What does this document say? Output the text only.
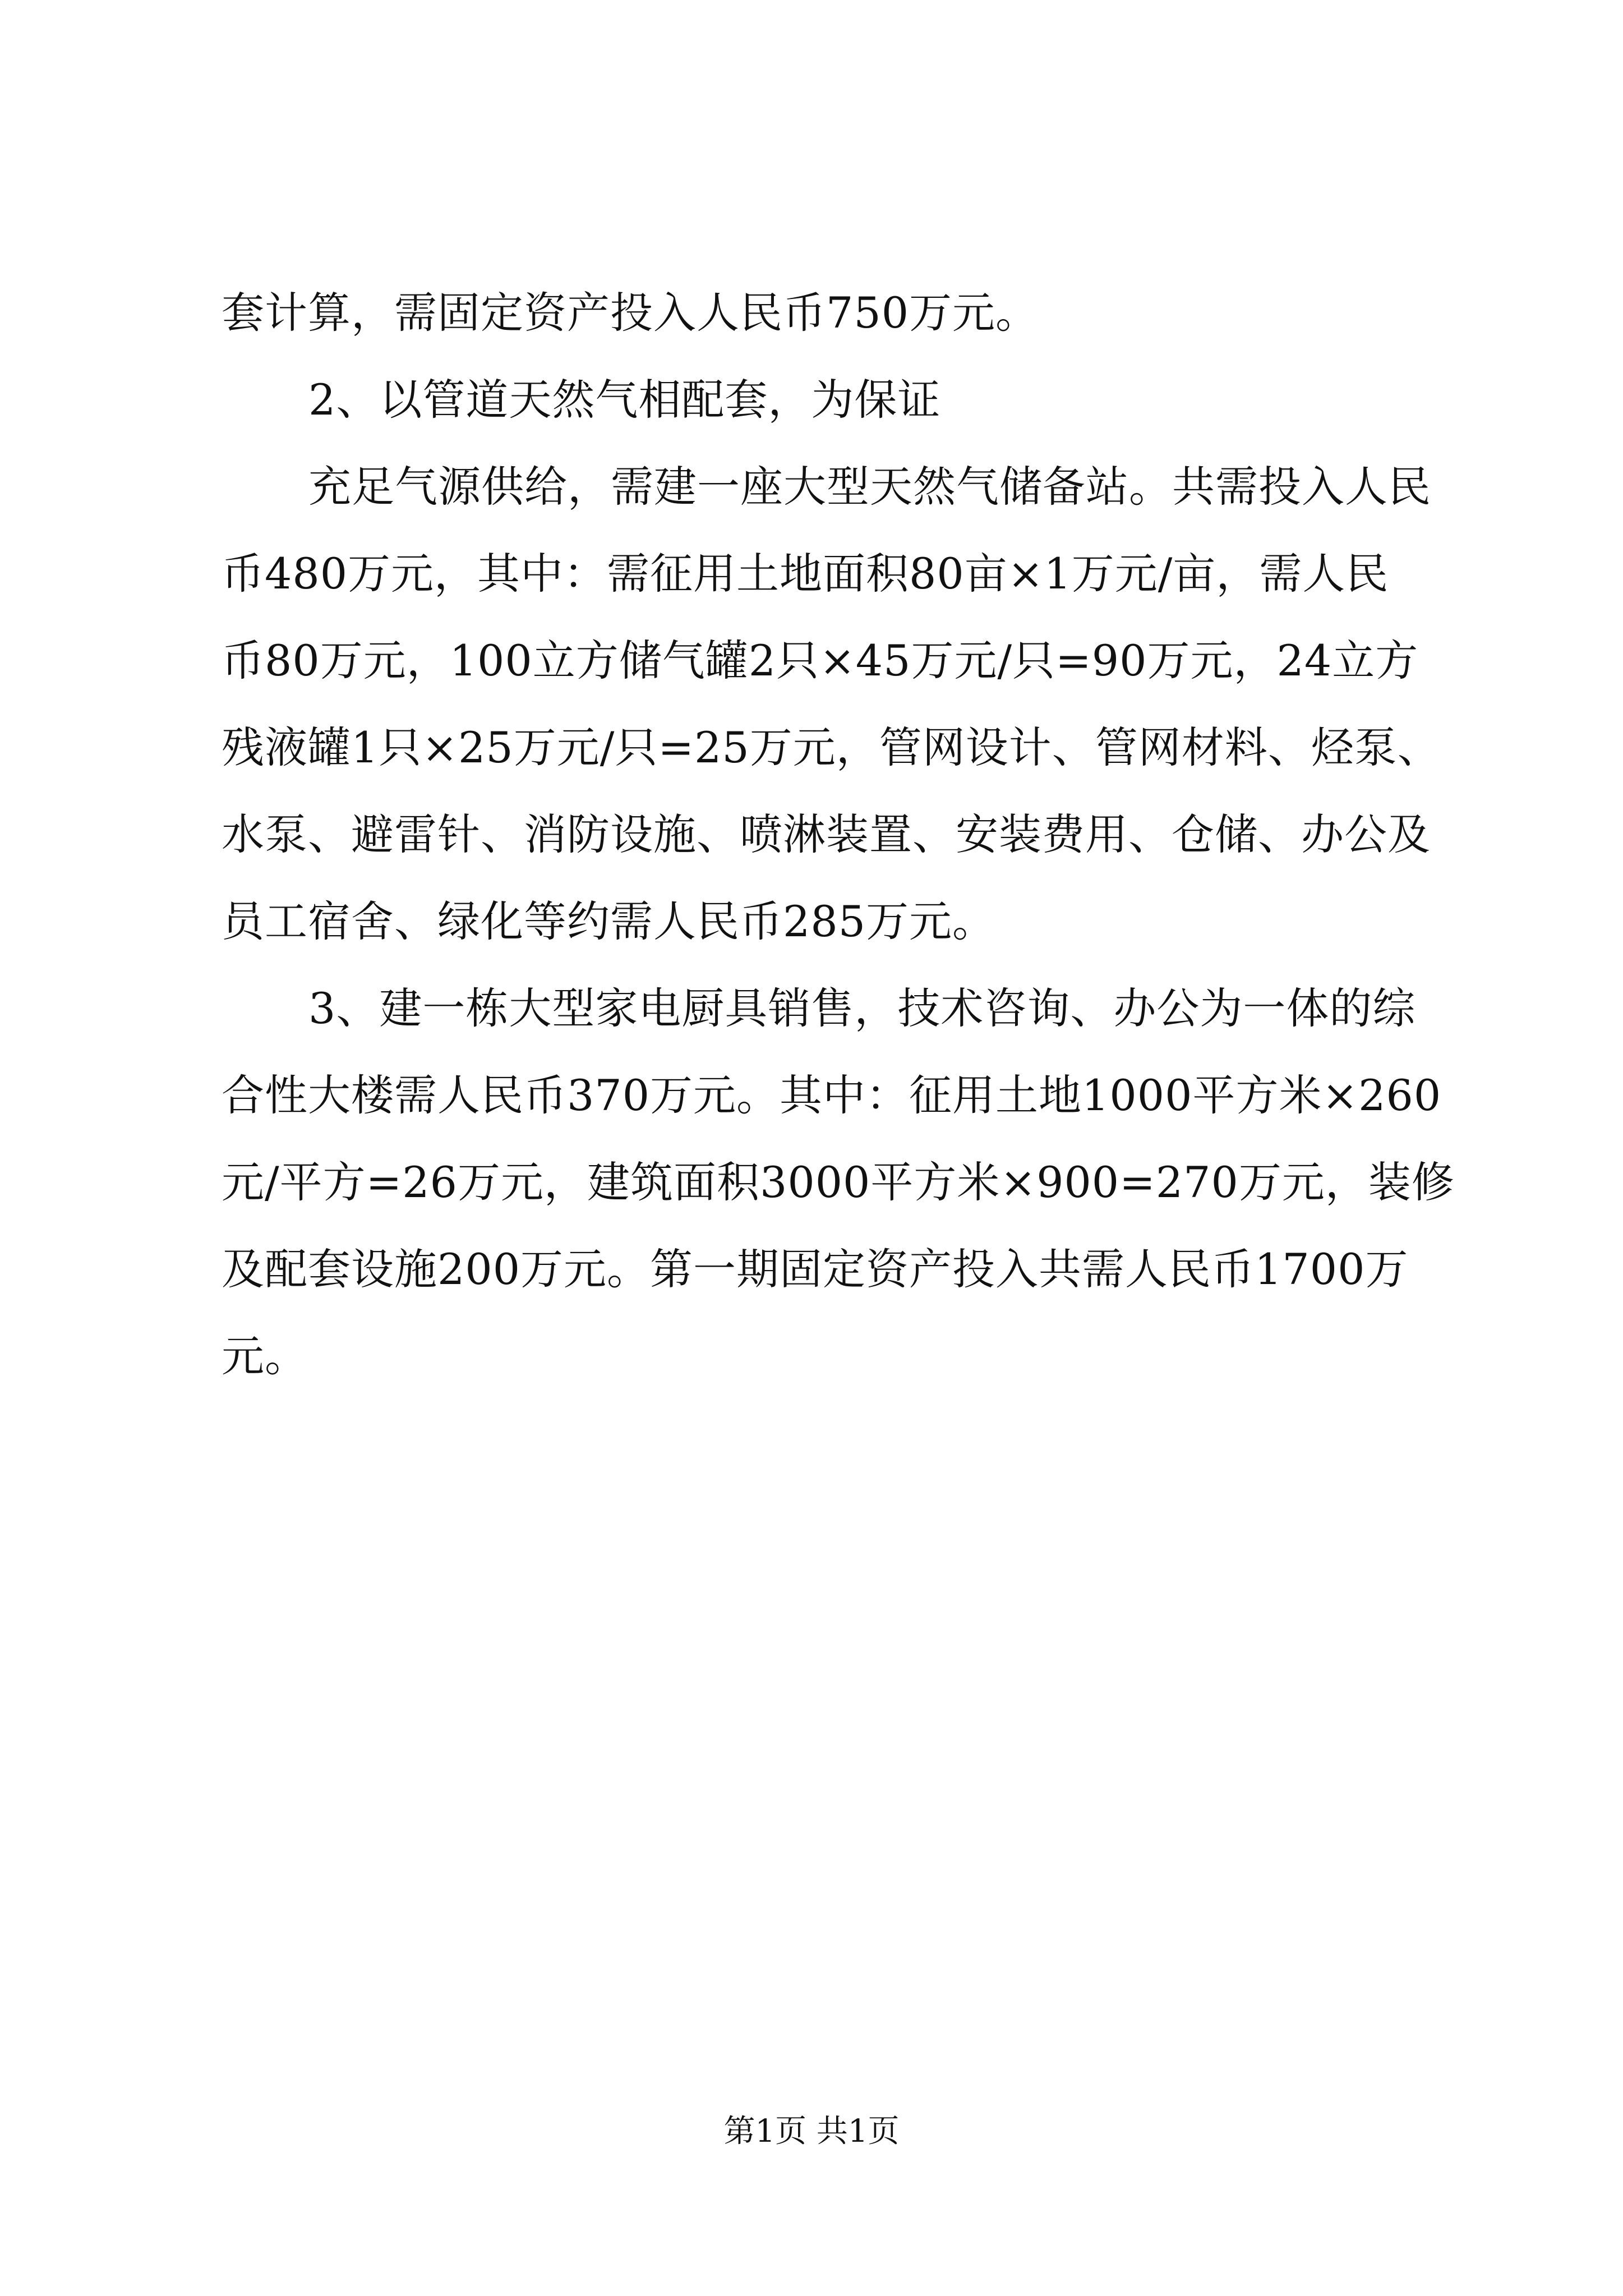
套计算，需固定资产投入人民币750万元。
2、以管道天然气相配套，为保证
充足气源供给，需建一座大型天然气储备站。共需投入人民
币480万元，其中：需征用土地面积80亩×1万元/亩，需人民
币80万元，100立方储气罐2只×45万元/只=90万元，24立方
残液罐1只×25万元/只=25万元，管网设计、管网材料、烃泵、
水泵、避雷针、消防设施、喷淋装置、安装费用、仓储、办公及
员工宿舍、绿化等约需人民币285万元。
3、建一栋大型家电厨具销售，技术咨询、办公为一体的综
合性大楼需人民币370万元。其中：征用土地1000平方米×260
元/平方=26万元，建筑面积3000平方米×900=270万元，装修
及配套设施200万元。第一期固定资产投入共需人民币1700万
元。
第1页 共1页
